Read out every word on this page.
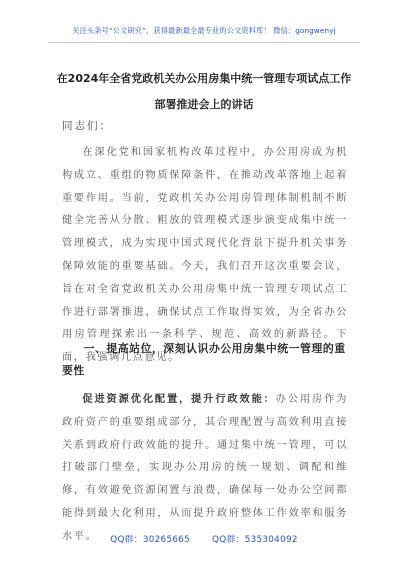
关注头条号“公文研究”，获得最新最全最专业的公文资料库！ 微信：gongwenyj
在2024年全省党政机关办公用房集中统一管理专项试点工作部署推进会上的讲话
同志们：
在深化党和国家机构改革过程中，办公用房成为机构成立、重组的物质保障条件，在推动改革落地上起着重要作用。当前，党政机关办公用房管理体制机制不断健全完善从分散、粗放的管理模式逐步演变成集中统一管理模式，成为实现中国式现代化背景下提升机关事务保障效能的重要基础。今天，我们召开这次重要会议，旨在对全省党政机关办公用房集中统一管理专项试点工作进行部署推进，确保试点工作取得实效，为全省办公用房管理探索出一条科学、规范、高效的新路径。下面，我强调几点意见。
一、提高站位，深刻认识办公用房集中统一管理的重要性
促进资源优化配置，提升行政效能：办公用房作为政府资产的重要组成部分，其合理配置与高效利用直接关系到政府行政效能的提升。通过集中统一管理，可以打破部门壁垒，实现办公用房的统一规划、调配和维修，有效避免资源闲置与浪费，确保每一处办公空间都能得到最大化利用，从而提升政府整体工作效率和服务水平。	QQ群：30265665	QQ群：535304092
